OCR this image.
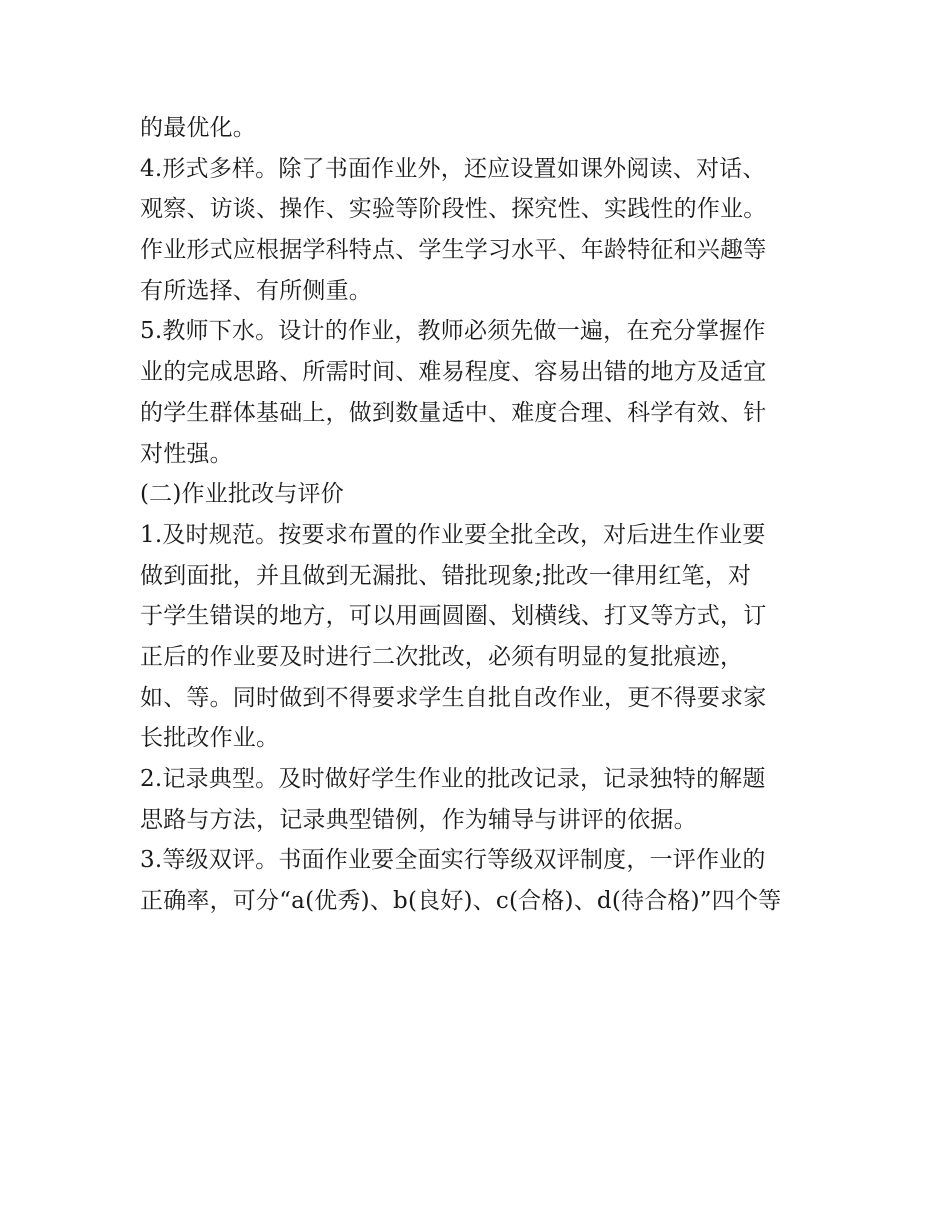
的最优化。
4.形式多样。除了书面作业外，还应设置如课外阅读、对话、
观察、访谈、操作、实验等阶段性、探究性、实践性的作业。
作业形式应根据学科特点、学生学习水平、年龄特征和兴趣等
有所选择、有所侧重。
5.教师下水。设计的作业，教师必须先做一遍，在充分掌握作
业的完成思路、所需时间、难易程度、容易出错的地方及适宜
的学生群体基础上，做到数量适中、难度合理、科学有效、针
对性强。
(二)作业批改与评价
1.及时规范。按要求布置的作业要全批全改，对后进生作业要
做到面批，并且做到无漏批、错批现象;批改一律用红笔，对
于学生错误的地方，可以用画圆圈、划横线、打叉等方式，订
正后的作业要及时进行二次批改，必须有明显的复批痕迹，
如、等。同时做到不得要求学生自批自改作业，更不得要求家
长批改作业。
2.记录典型。及时做好学生作业的批改记录，记录独特的解题
思路与方法，记录典型错例，作为辅导与讲评的依据。
3.等级双评。书面作业要全面实行等级双评制度，一评作业的
正确率，可分“a(优秀)、b(良好)、c(合格)、d(待合格)”四个等
